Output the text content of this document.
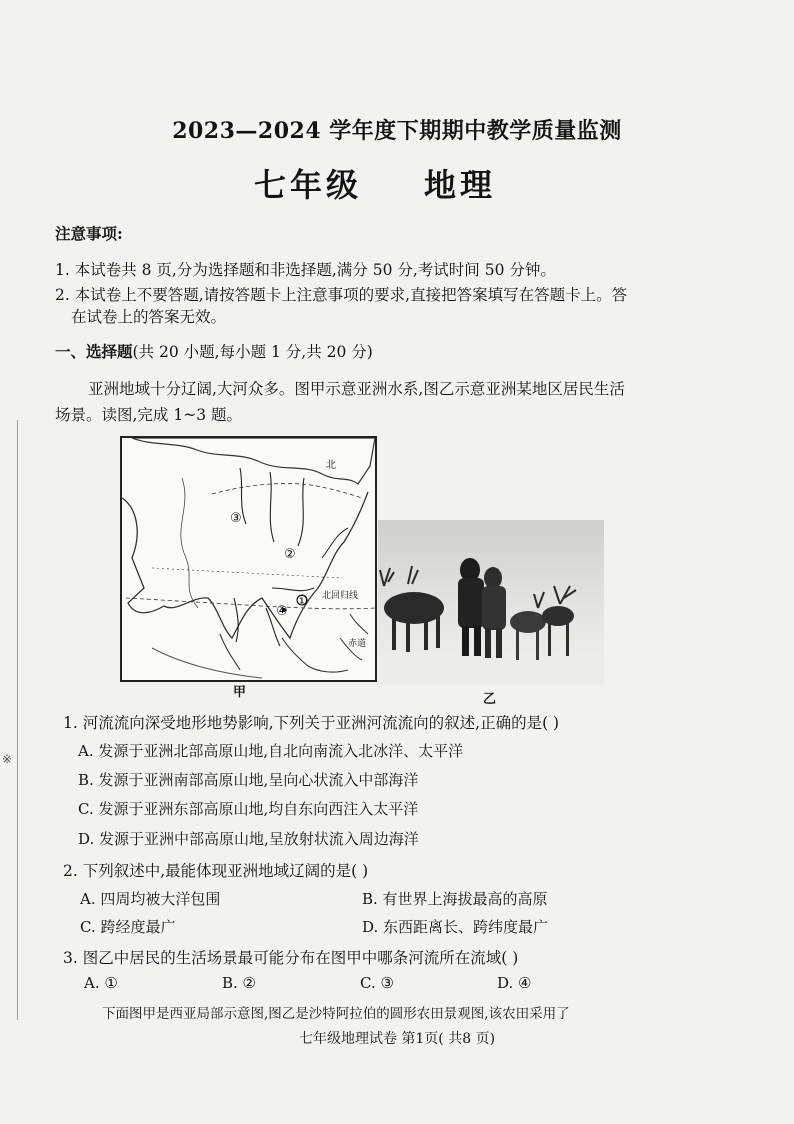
※
2023—2024 学年度下期期中教学质量监测
七年级 地理
注意事项:
1. 本试卷共 8 页,分为选择题和非选择题,满分 50 分,考试时间 50 分钟。
2. 本试卷上不要答题,请按答题卡上注意事项的要求,直接把答案填写在答题卡上。答
在试卷上的答案无效。
一、选择题(共 20 小题,每小题 1 分,共 20 分)
亚洲地域十分辽阔,大河众多。图甲示意亚洲水系,图乙示意亚洲某地区居民生活
场景。读图,完成 1~3 题。
③
②
①
④
北回归线
赤道
北
甲	乙
1. 河流流向深受地形地势影响,下列关于亚洲河流流向的叙述,正确的是( )
A. 发源于亚洲北部高原山地,自北向南流入北冰洋、太平洋
B. 发源于亚洲南部高原山地,呈向心状流入中部海洋
C. 发源于亚洲东部高原山地,均自东向西注入太平洋
D. 发源于亚洲中部高原山地,呈放射状流入周边海洋
2. 下列叙述中,最能体现亚洲地域辽阔的是( )
A. 四周均被大洋包围	B. 有世界上海拔最高的高原
C. 跨经度最广	D. 东西距离长、跨纬度最广
3. 图乙中居民的生活场景最可能分布在图甲中哪条河流所在流域( )
A. ①	B. ②	C. ③	D. ④
下面图甲是西亚局部示意图,图乙是沙特阿拉伯的圆形农田景观图,该农田采用了
七年级地理试卷 第1页( 共8 页)
